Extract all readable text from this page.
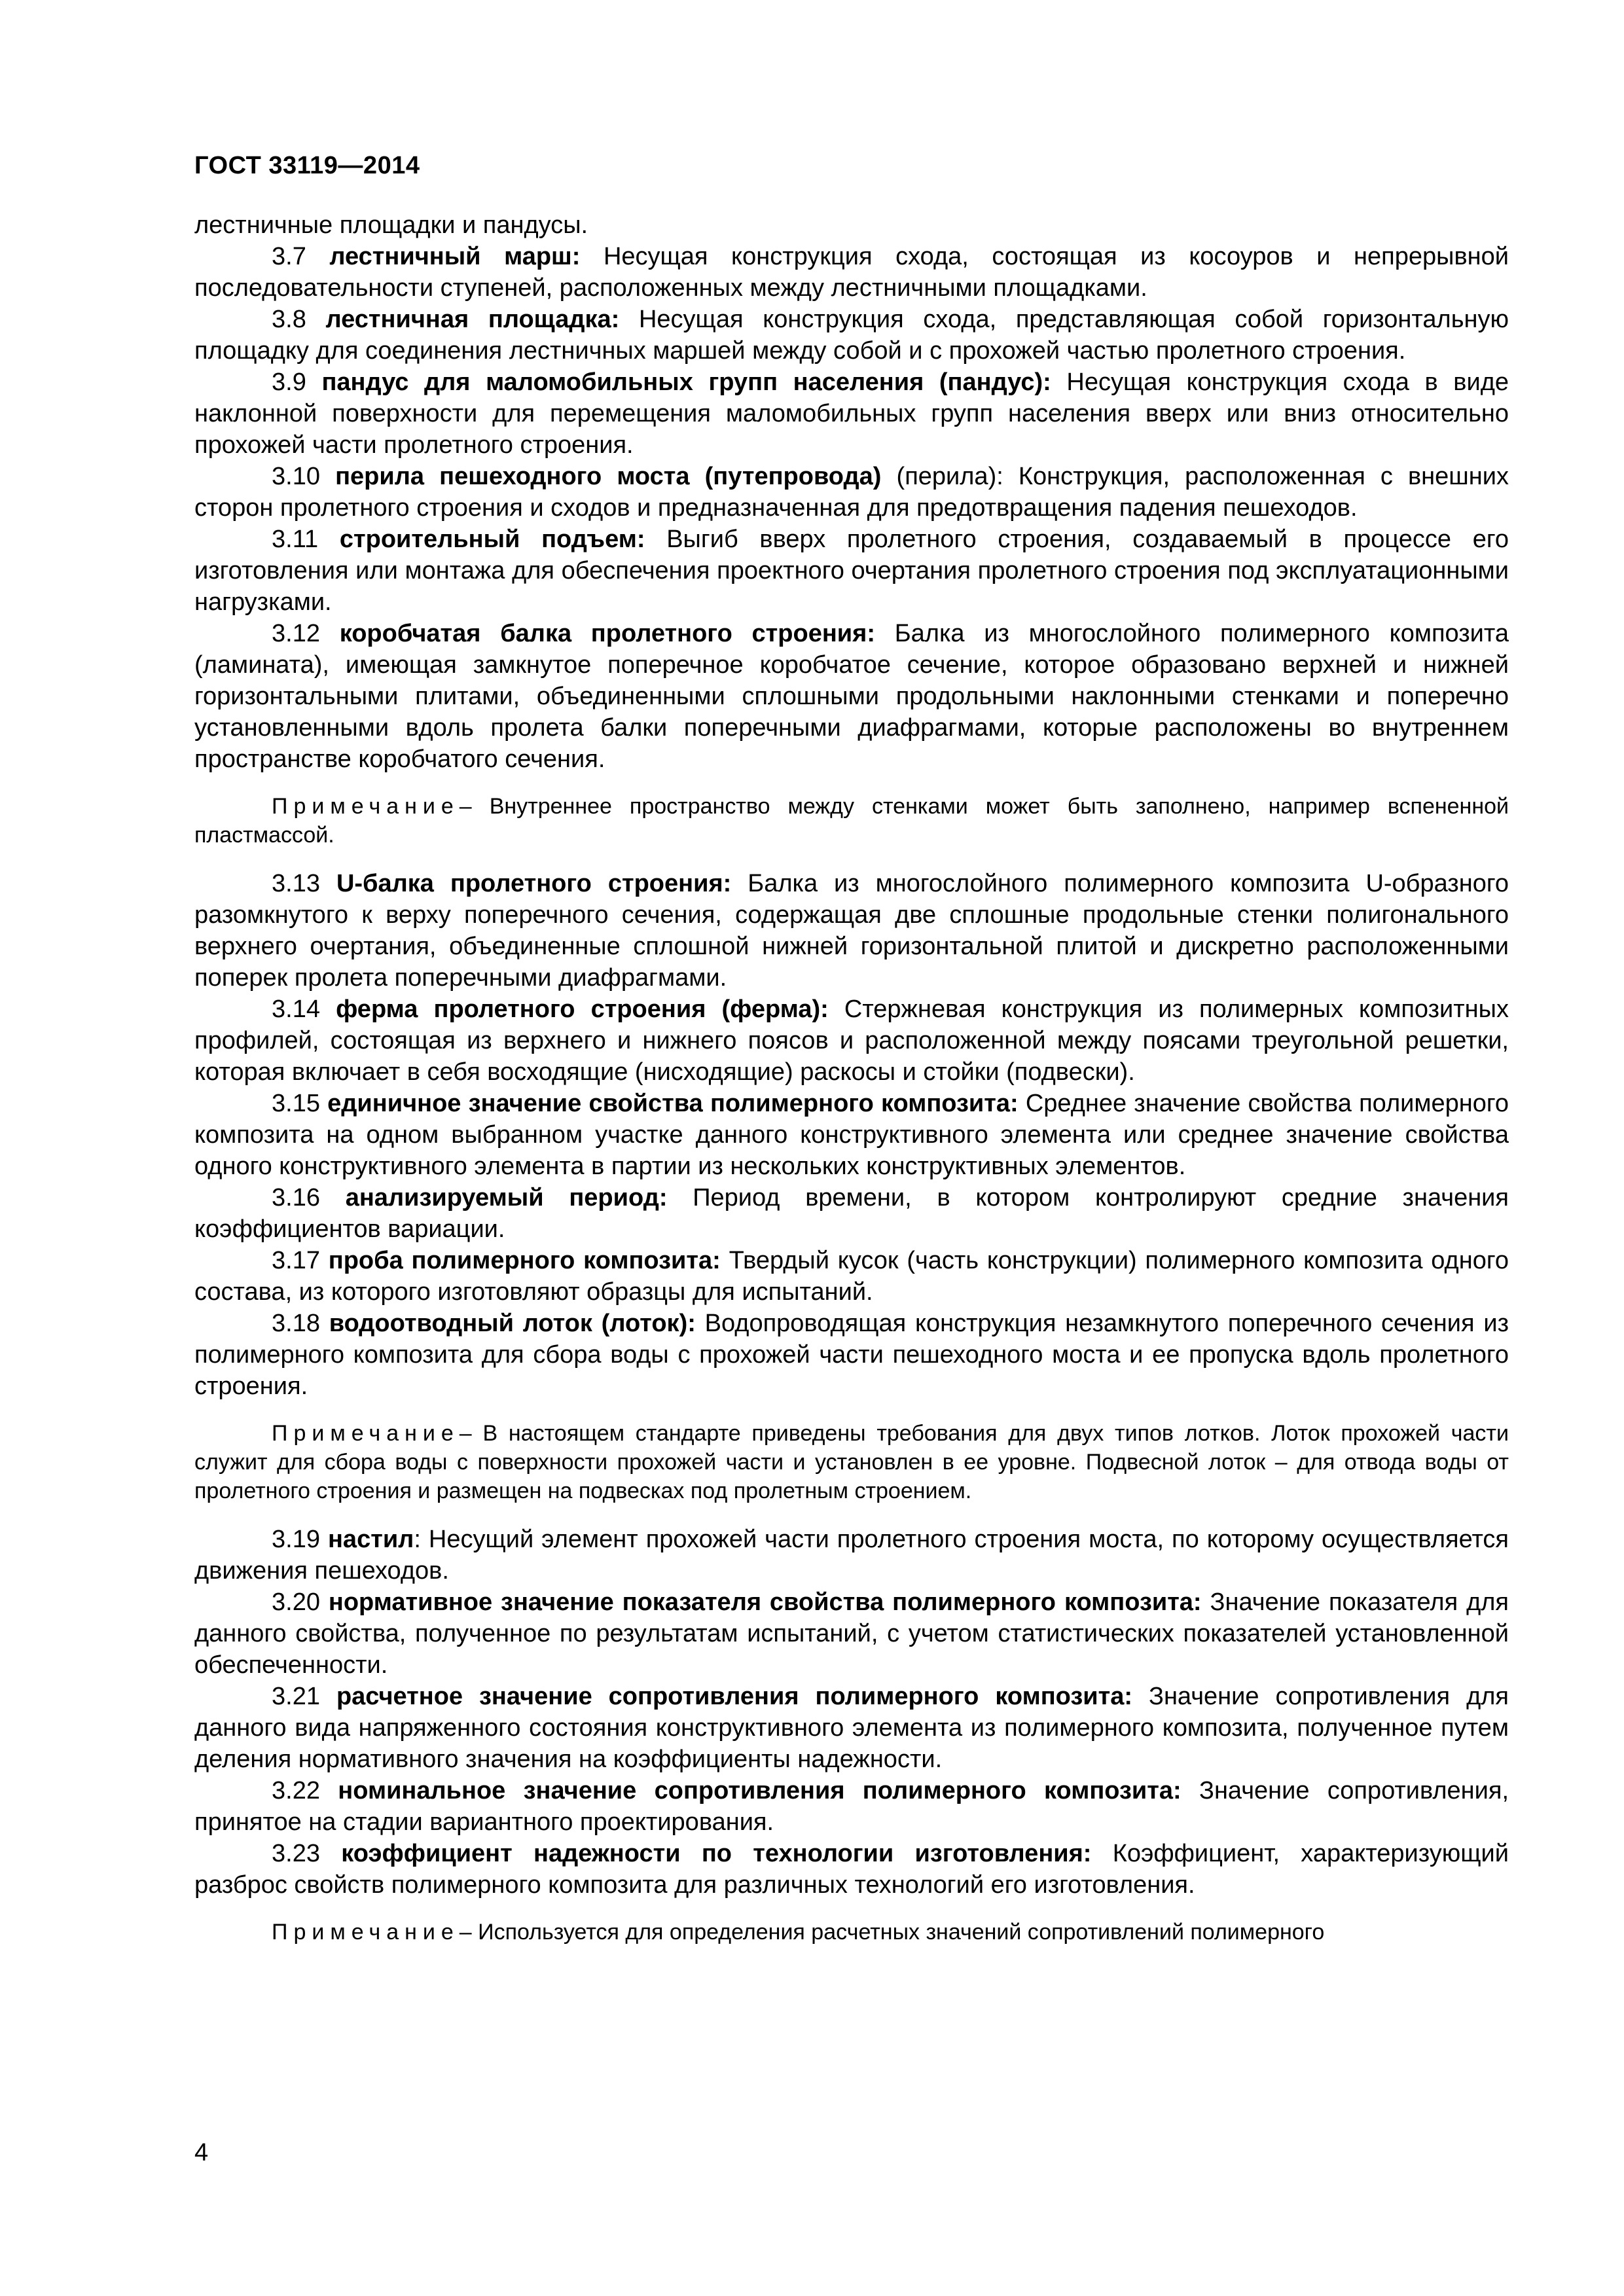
ГОСТ 33119—2014

лестничные площадки и пандусы.

3.7 лестничный марш: Несущая конструкция схода, состоящая из косоуров и непрерывной последовательности ступеней, расположенных между лестничными площадками.

3.8 лестничная площадка: Несущая конструкция схода, представляющая собой горизонтальную площадку для соединения лестничных маршей между собой и с прохожей частью пролетного строения.

3.9 пандус для маломобильных групп населения (пандус): Несущая конструкция схода в виде наклонной поверхности для перемещения маломобильных групп населения вверх или вниз относительно прохожей части пролетного строения.

3.10 перила пешеходного моста (путепровода) (перила): Конструкция, расположенная с внешних сторон пролетного строения и сходов и предназначенная для предотвращения падения пешеходов.

3.11 строительный подъем: Выгиб вверх пролетного строения, создаваемый в процессе его изготовления или монтажа для обеспечения проектного очертания пролетного строения под эксплуатационными нагрузками.

3.12 коробчатая балка пролетного строения: Балка из многослойного полимерного композита (ламината), имеющая замкнутое поперечное коробчатое сечение, которое образовано верхней и нижней горизонтальными плитами, объединенными сплошными продольными наклонными стенками и поперечно установленными вдоль пролета балки поперечными диафрагмами, которые расположены во внутреннем пространстве коробчатого сечения.

Примечание– Внутреннее пространство между стенками может быть заполнено, например вспененной пластмассой.

3.13 U-балка пролетного строения: Балка из многослойного полимерного композита U-образного разомкнутого к верху поперечного сечения, содержащая две сплошные продольные стенки полигонального верхнего очертания, объединенные сплошной нижней горизонтальной плитой и дискретно расположенными поперек пролета поперечными диафрагмами.

3.14 ферма пролетного строения (ферма): Стержневая конструкция из полимерных композитных профилей, состоящая из верхнего и нижнего поясов и расположенной между поясами треугольной решетки, которая включает в себя восходящие (нисходящие) раскосы и стойки (подвески).

3.15 единичное значение свойства полимерного композита: Среднее значение свойства полимерного композита на одном выбранном участке данного конструктивного элемента или среднее значение свойства одного конструктивного элемента в партии из нескольких конструктивных элементов.

3.16 анализируемый период: Период времени, в котором контролируют средние значения коэффициентов вариации.

3.17 проба полимерного композита: Твердый кусок (часть конструкции) полимерного композита одного состава, из которого изготовляют образцы для испытаний.

3.18 водоотводный лоток (лоток): Водопроводящая конструкция незамкнутого поперечного сечения из полимерного композита для сбора воды с прохожей части пешеходного моста и ее пропуска вдоль пролетного строения.

Примечание– В настоящем стандарте приведены требования для двух типов лотков. Лоток прохожей части служит для сбора воды с поверхности прохожей части и установлен в ее уровне. Подвесной лоток – для отвода воды от пролетного строения и размещен на подвесках под пролетным строением.

3.19 настил: Несущий элемент прохожей части пролетного строения моста, по которому осуществляется движения пешеходов.

3.20 нормативное значение показателя свойства полимерного композита: Значение показателя для данного свойства, полученное по результатам испытаний, с учетом статистических показателей установленной обеспеченности.

3.21 расчетное значение сопротивления полимерного композита: Значение сопротивления для данного вида напряженного состояния конструктивного элемента из полимерного композита, полученное путем деления нормативного значения на коэффициенты надежности.

3.22 номинальное значение сопротивления полимерного композита: Значение сопротивления, принятое на стадии вариантного проектирования.

3.23 коэффициент надежности по технологии изготовления: Коэффициент, характеризующий разброс свойств полимерного композита для различных технологий его изготовления.

Примечание– Используется для определения расчетных значений сопротивлений полимерного

4
